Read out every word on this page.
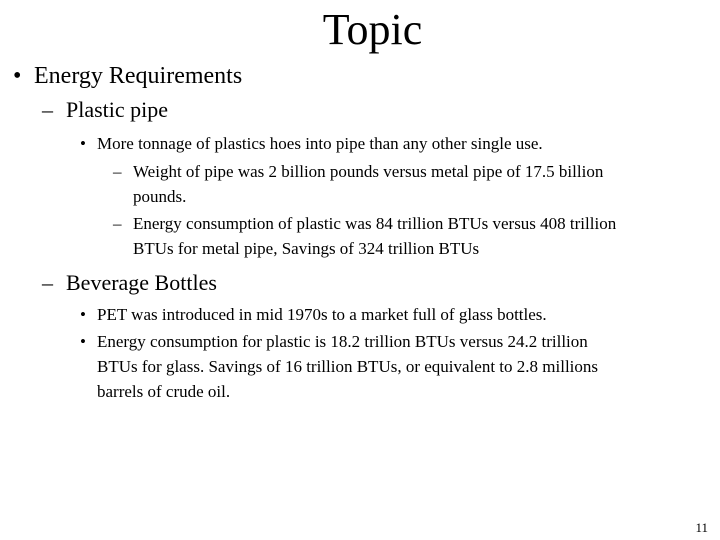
Topic
• Energy Requirements
– Plastic pipe
• More tonnage of plastics hoes into pipe than any other single use.
– Weight of pipe was 2 billion pounds versus metal pipe of 17.5 billion
pounds.
– Energy consumption of plastic was 84 trillion BTUs versus 408 trillion
BTUs for metal pipe, Savings of 324 trillion BTUs
– Beverage Bottles
• PET was introduced in mid 1970s to a market full of glass bottles.
• Energy consumption for plastic is 18.2 trillion BTUs versus 24.2 trillion
BTUs for glass. Savings of 16 trillion BTUs, or equivalent to 2.8 millions
barrels of crude oil.
11
